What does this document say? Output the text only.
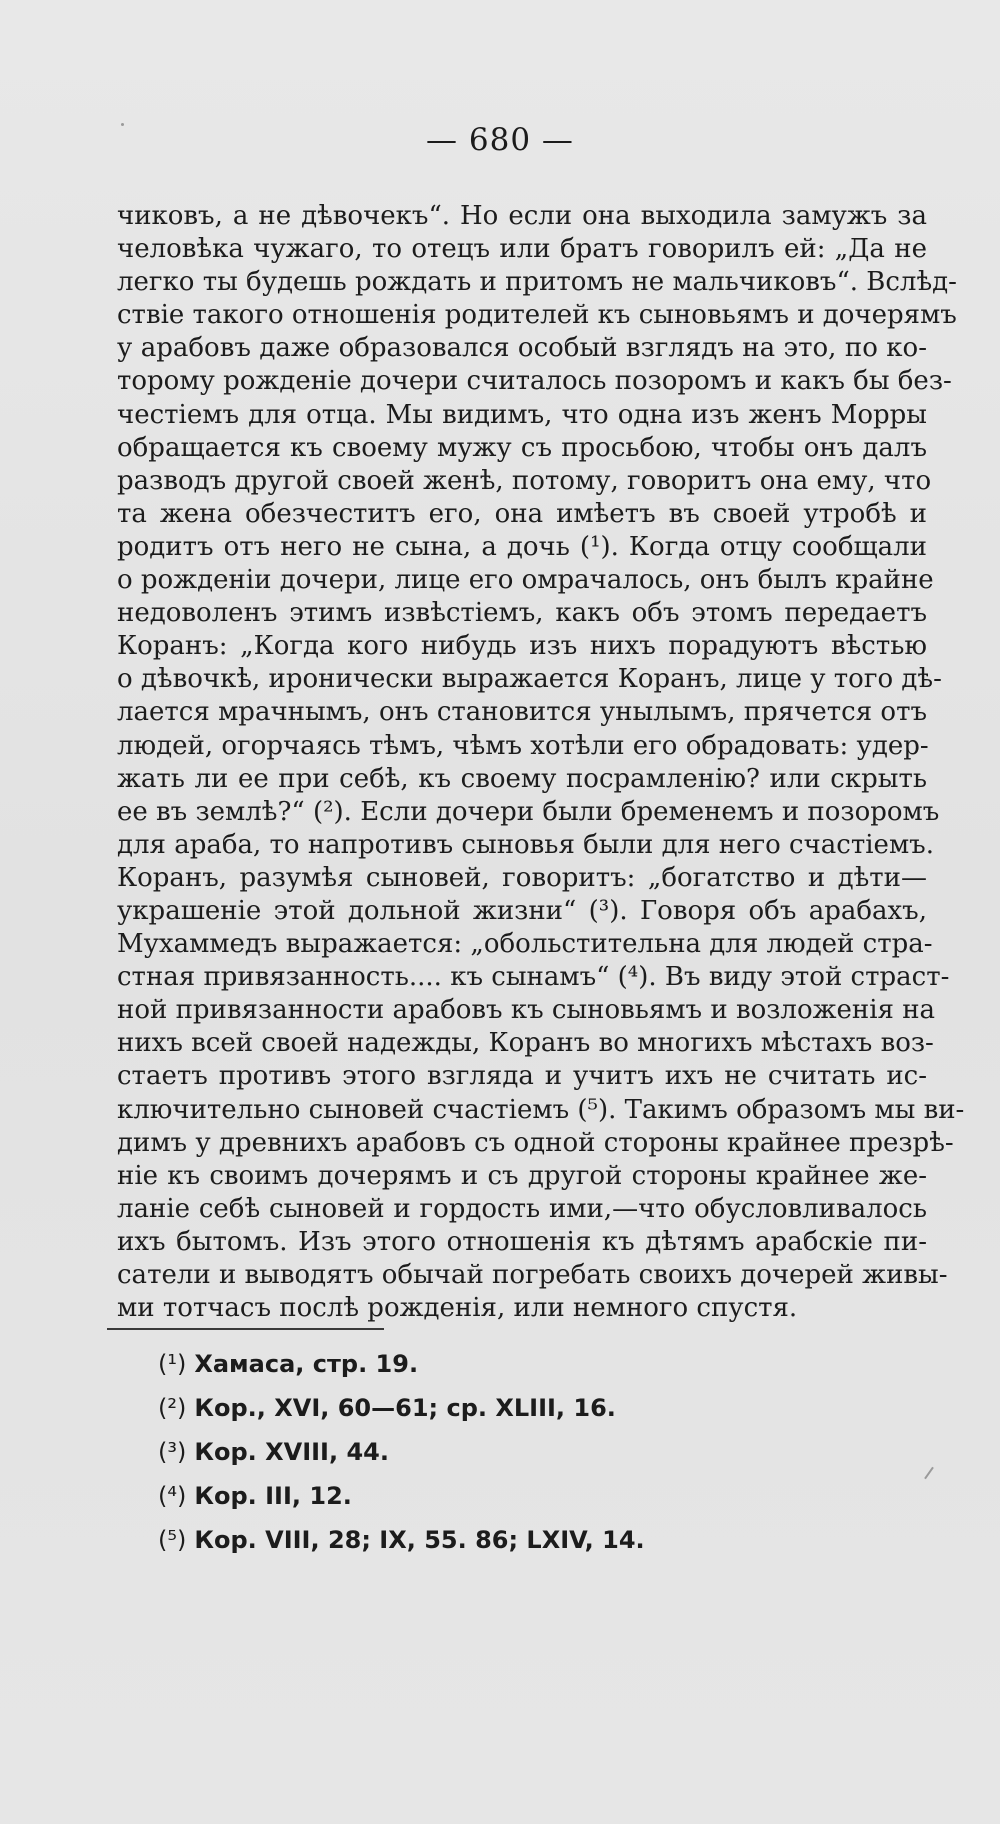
— 680 —
чиковъ, а не дѣвочекъ“. Но если она выходила замужъ за
человѣка чужаго, то отецъ или братъ говорилъ ей: „Да не
легко ты будешь рождать и притомъ не мальчиковъ“. Вслѣд-
ствіе такого отношенія родителей къ сыновьямъ и дочерямъ
у арабовъ даже образовался особый взглядъ на это, по ко-
торому рожденіе дочери считалось позоромъ и какъ бы без-
честіемъ для отца. Мы видимъ, что одна изъ женъ Морры
обращается къ своему мужу съ просьбою, чтобы онъ далъ
разводъ другой своей женѣ, потому, говоритъ она ему, что
та жена обезчеститъ его, она имѣетъ въ своей утробѣ и
родитъ отъ него не сына, а дочь (¹). Когда отцу сообщали
о рожденіи дочери, лице его омрачалось, онъ былъ крайне
недоволенъ этимъ извѣстіемъ, какъ объ этомъ передаетъ
Коранъ: „Когда кого нибудь изъ нихъ порадуютъ вѣстью
о дѣвочкѣ, иронически выражается Коранъ, лице у того дѣ-
лается мрачнымъ, онъ становится унылымъ, прячется отъ
людей, огорчаясь тѣмъ, чѣмъ хотѣли его обрадовать: удер-
жать ли ее при себѣ, къ своему посрамленію? или скрыть
ее въ землѣ?“ (²). Если дочери были бременемъ и позоромъ
для араба, то напротивъ сыновья были для него счастіемъ.
Коранъ, разумѣя сыновей, говоритъ: „богатство и дѣти—
украшеніе этой дольной жизни“ (³). Говоря объ арабахъ,
Мухаммедъ выражается: „обольстительна для людей стра-
стная привязанность.... къ сынамъ“ (⁴). Въ виду этой страст-
ной привязанности арабовъ къ сыновьямъ и возложенія на
нихъ всей своей надежды, Коранъ во многихъ мѣстахъ воз-
стаетъ противъ этого взгляда и учитъ ихъ не считать ис-
ключительно сыновей счастіемъ (⁵). Такимъ образомъ мы ви-
димъ у древнихъ арабовъ съ одной стороны крайнее презрѣ-
ніе къ своимъ дочерямъ и съ другой стороны крайнее же-
ланіе себѣ сыновей и гордость ими,—что обусловливалось
ихъ бытомъ. Изъ этого отношенія къ дѣтямъ арабскіе пи-
сатели и выводятъ обычай погребать своихъ дочерей живы-
ми тотчасъ послѣ рожденія, или немного спустя.
(¹) Хамаса, стр. 19.
(²) Кор., XVI, 60—61; ср. XLIII, 16.
(³) Кор. XVIII, 44.
(⁴) Кор. III, 12.
(⁵) Кор. VIII, 28; IX, 55. 86; LXIV, 14.
